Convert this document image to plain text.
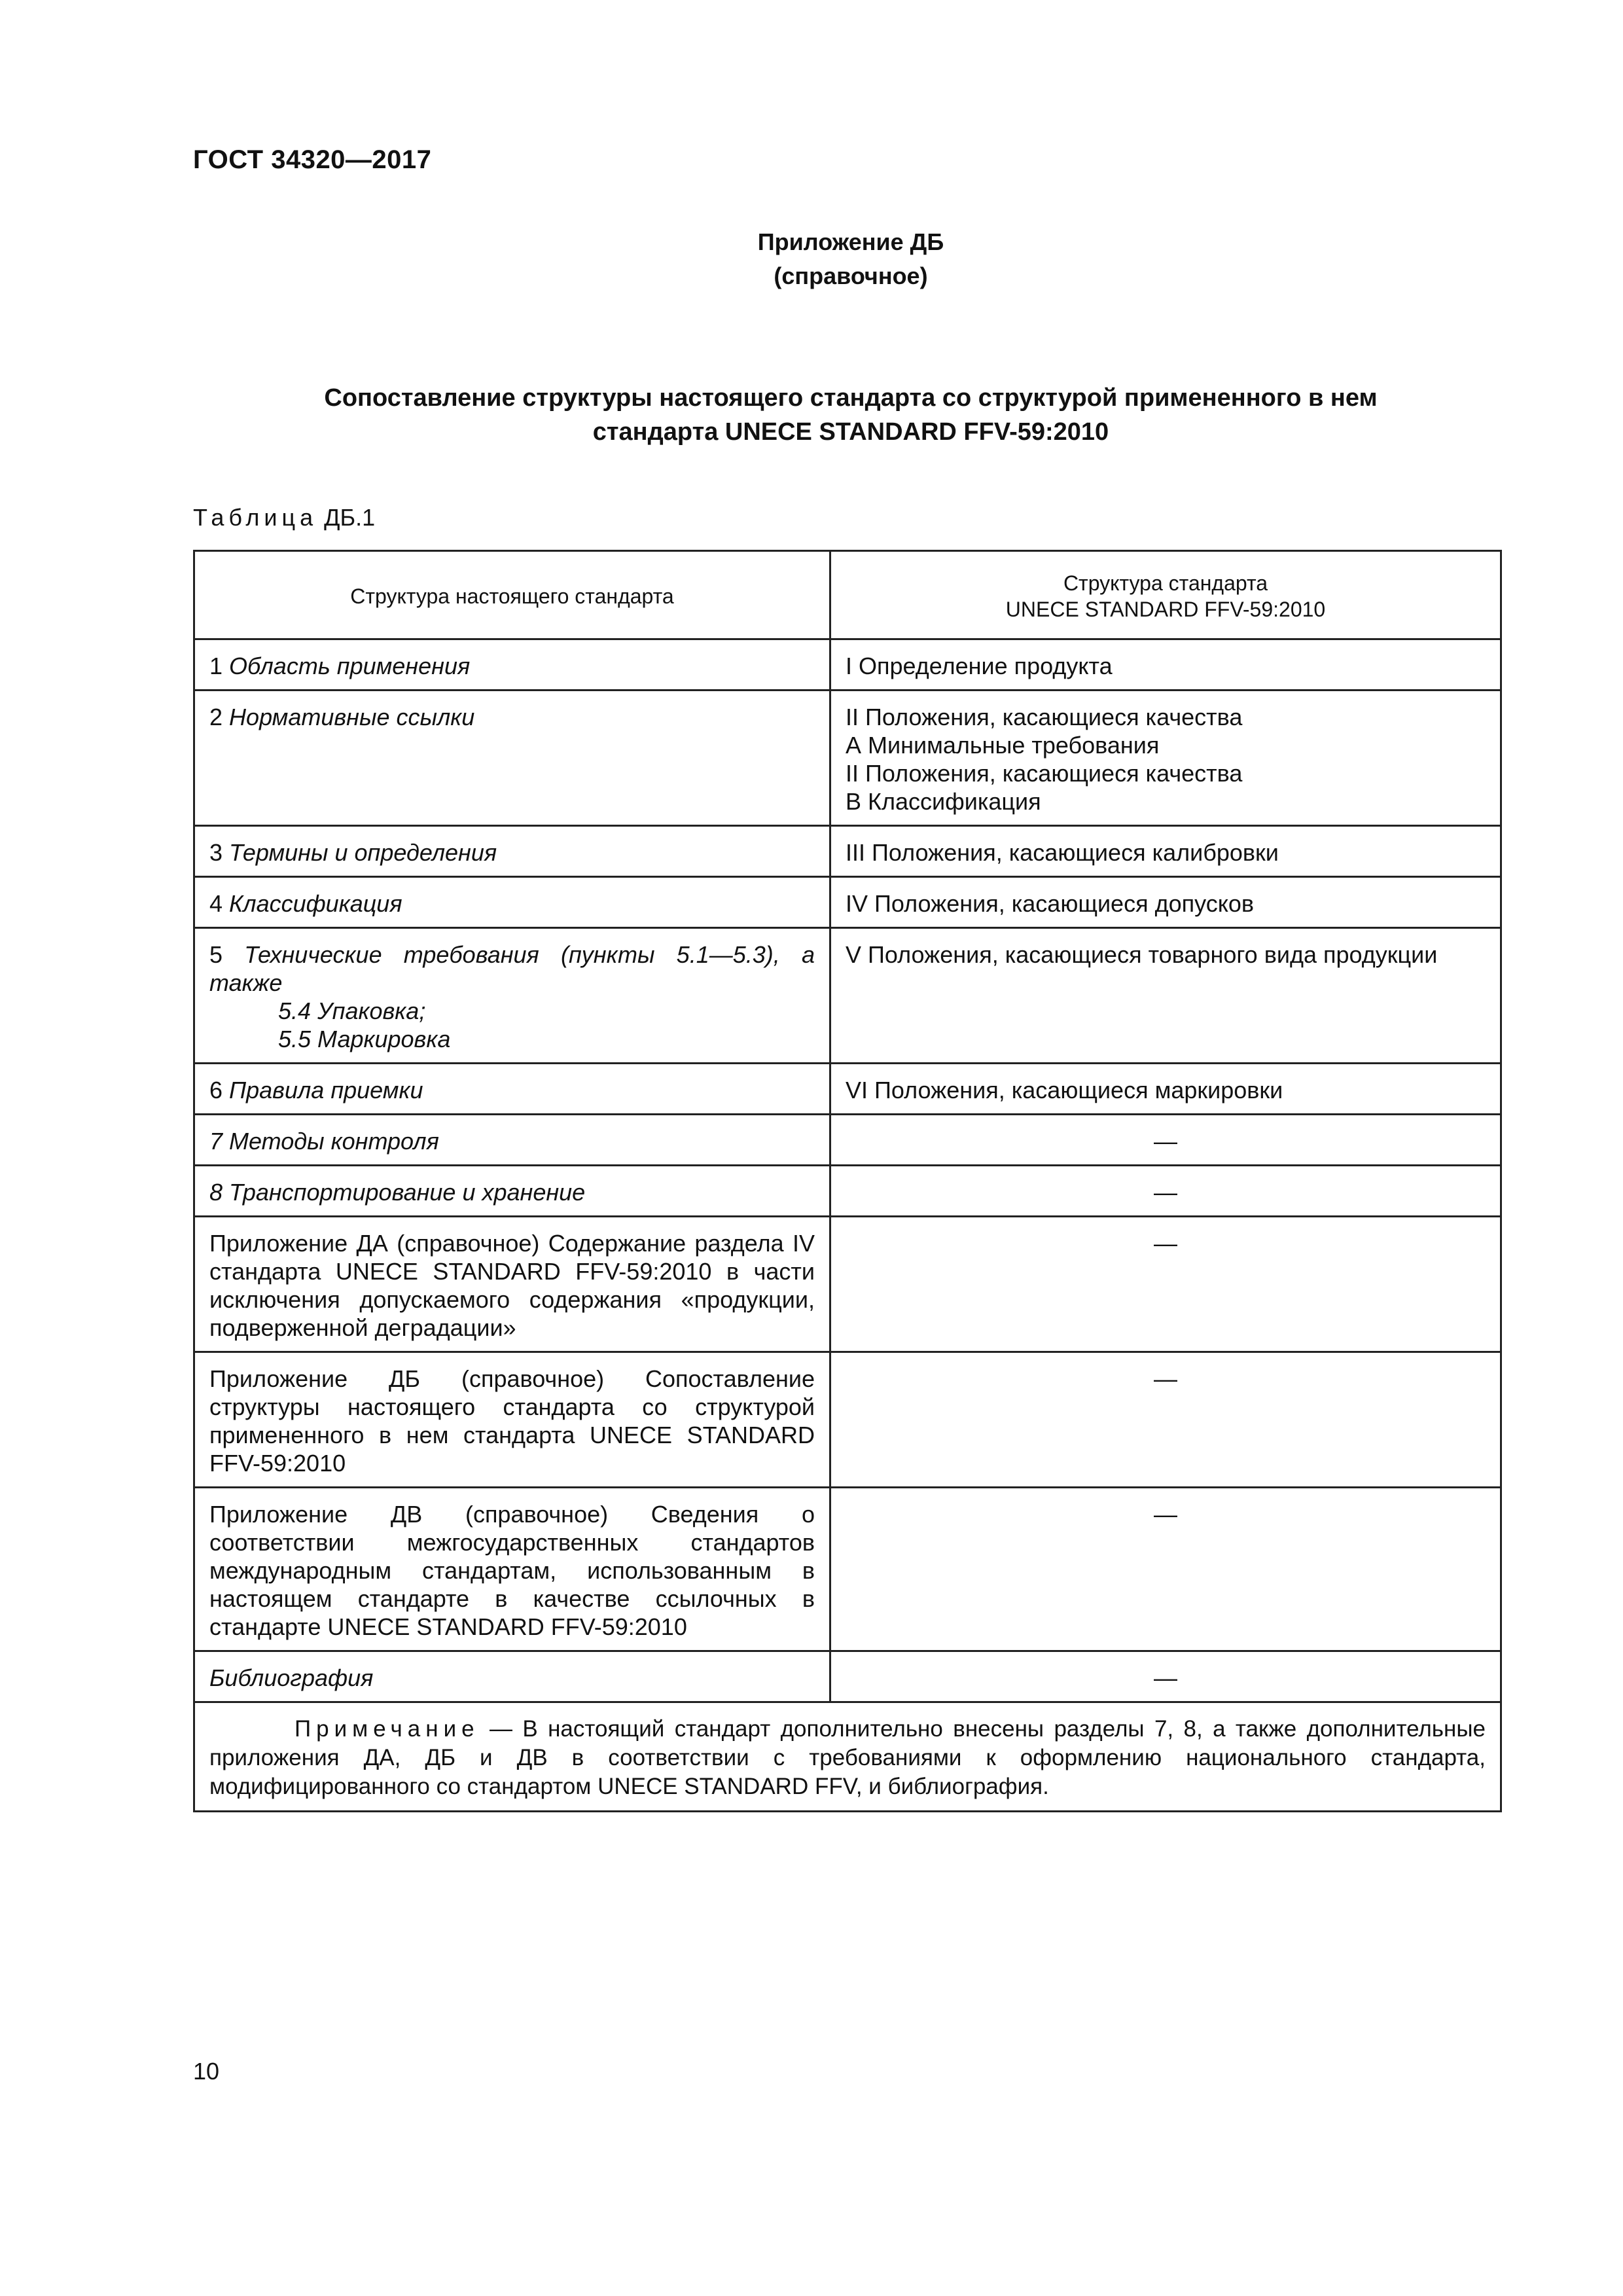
ГОСТ 34320—2017
Приложение ДБ
(справочное)
Сопоставление структуры настоящего стандарта со структурой примененного в нем
стандарта UNECE STANDARD FFV-59:2010
Таблица ДБ.1
Структура настоящего стандарта	Структура стандарта
UNECE STANDARD FFV-59:2010

1 Область применения	I Определение продукта

2 Нормативные ссылки	II Положения, касающиеся качества
А Минимальные требования
II Положения, касающиеся качества
В Классификация

3 Термины и определения	III Положения, касающиеся калибровки

4 Классификация	IV Положения, касающиеся допусков

5 Технические требования (пункты 5.1—5.3), а также
5.4 Упаковка;
5.5 Маркировка	V Положения, касающиеся товарного вида продукции

6 Правила приемки	VI Положения, касающиеся маркировки

7 Методы контроля	—
8 Транспортирование и хранение	—
Приложение ДА (справочное) Содержание раздела IV стандарта UNECE STANDARD FFV-59:2010 в части исключения допускаемого содержания «продукции, подверженной деградации»	—
Приложение ДБ (справочное) Сопоставление структуры настоящего стандарта со структурой примененного в нем стандарта UNECE STANDARD FFV-59:2010	—
Приложение ДВ (справочное) Сведения о соответствии межгосударственных стандартов международным стандартам, использованным в настоящем стандарте в качестве ссылочных в стандарте UNECE STANDARD FFV-59:2010	—
Библиография	—
Примечание — В настоящий стандарт дополнительно внесены разделы 7, 8, а также дополнительные приложения ДА, ДБ и ДВ в соответствии с требованиями к оформлению национального стандарта, модифицированного со стандартом UNECE STANDARD FFV, и библиография.	
10
